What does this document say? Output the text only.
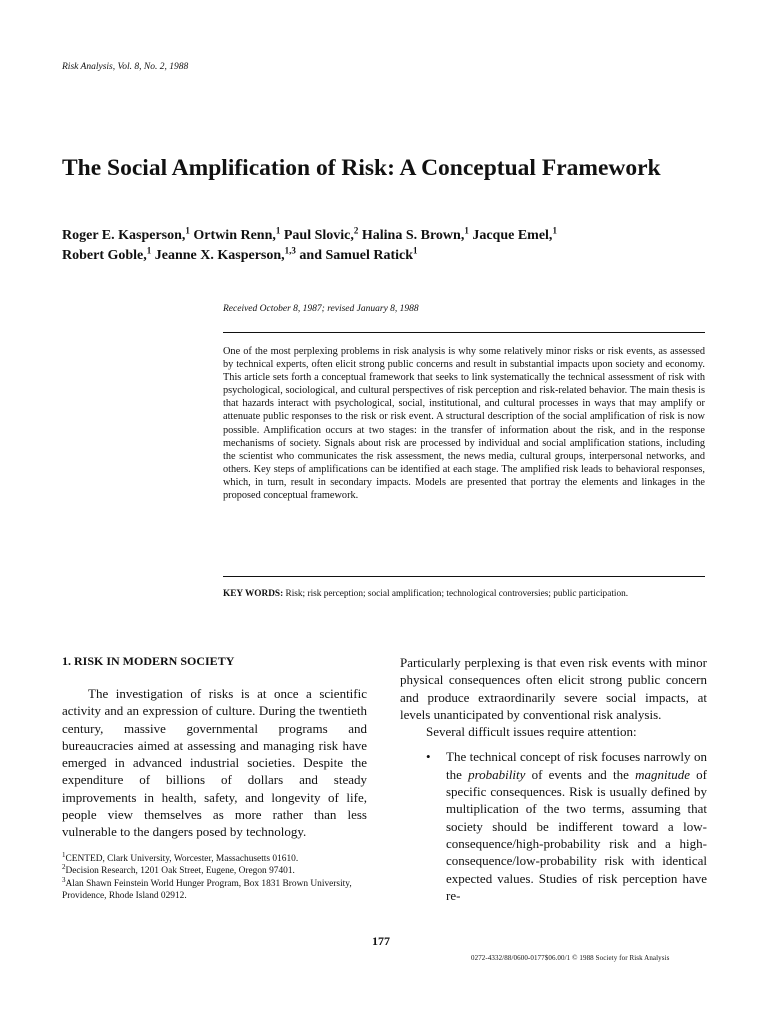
Risk Analysis, Vol. 8, No. 2, 1988
The Social Amplification of Risk: A Conceptual Framework
Roger E. Kasperson,$^1$ Ortwin Renn,$^1$ Paul Slovic,$^2$ Halina S. Brown,$^1$ Jacque Emel,$^1$
Robert Goble,$^1$ Jeanne X. Kasperson,$^{1,3}$ and Samuel Ratick$^1$
Received October 8, 1987; revised January 8, 1988
One of the most perplexing problems in risk analysis is why some relatively minor risks or risk events, as assessed by technical experts, often elicit strong public concerns and result in substantial impacts upon society and economy. This article sets forth a conceptual framework that seeks to link systematically the technical assessment of risk with psychological, sociological, and cultural perspectives of risk perception and risk-related behavior. The main thesis is that hazards interact with psychological, social, institutional, and cultural processes in ways that may amplify or attenuate public responses to the risk or risk event. A structural description of the social amplification of risk is now possible. Amplification occurs at two stages: in the transfer of information about the risk, and in the response mechanisms of society. Signals about risk are processed by individual and social amplification stations, including the scientist who communicates the risk assessment, the news media, cultural groups, interpersonal networks, and others. Key steps of amplifications can be identified at each stage. The amplified risk leads to behavioral responses, which, in turn, result in secondary impacts. Models are presented that portray the elements and linkages in the proposed conceptual framework.
KEY WORDS: Risk; risk perception; social amplification; technological controversies; public participation.
1. RISK IN MODERN SOCIETY

The investigation of risks is at once a scientific activity and an expression of culture. During the twentieth century, massive governmental programs and bureaucracies aimed at assessing and managing risk have emerged in advanced industrial societies. Despite the expenditure of billions of dollars and steady improvements in health, safety, and longevity of life, people view themselves as more rather than less vulnerable to the dangers posed by technology.

$^1$CENTED, Clark University, Worcester, Massachusetts 01610.

$^2$Decision Research, 1201 Oak Street, Eugene, Oregon 97401.

$^3$Alan Shawn Feinstein World Hunger Program, Box 1831 Brown University, Providence, Rhode Island 02912.

Particularly perplexing is that even risk events with minor physical consequences often elicit strong public concern and produce extraordinarily severe social impacts, at levels unanticipated by conventional risk analysis.

Several difficult issues require attention:

• The technical concept of risk focuses narrowly on the probability of events and the magnitude of specific consequences. Risk is usually defined by multiplication of the two terms, assuming that society should be indifferent toward a low-consequence/high-probability risk and a high-consequence/low-probability risk with identical expected values. Studies of risk perception have re-
177
0272-4332/88/0600-0177$06.00/1 © 1988 Society for Risk Analysis
